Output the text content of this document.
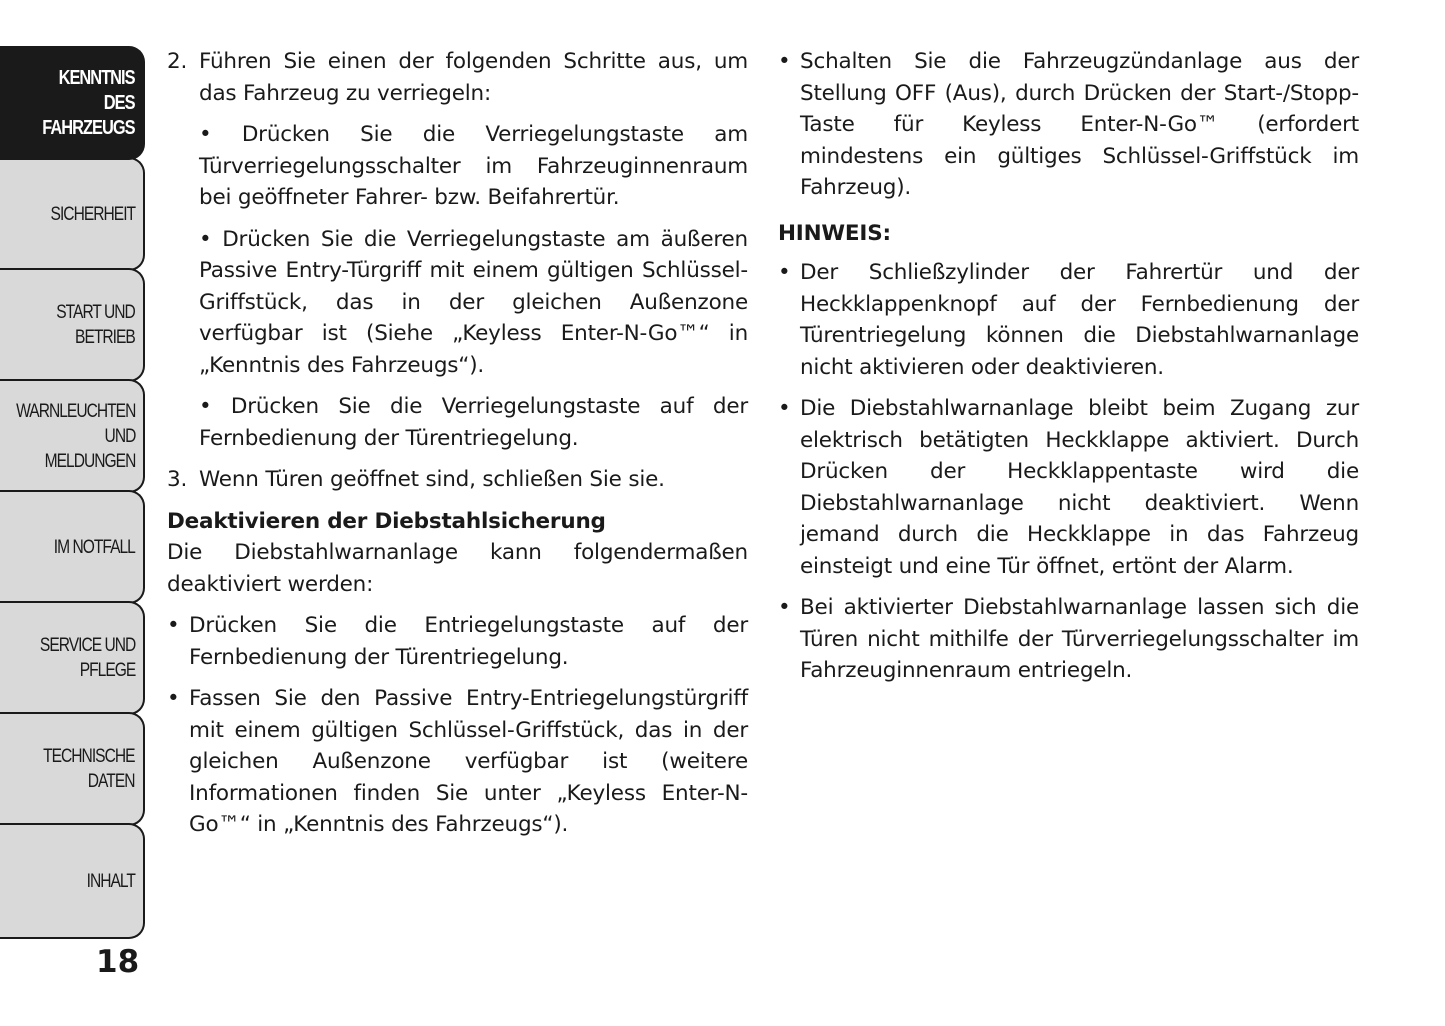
KENNTNIS
DES
FAHRZEUGS
SICHERHEIT
START UND
BETRIEB
WARNLEUCHTEN
UND MELDUNGEN
IM NOTFALL
SERVICE UND
PFLEGE
TECHNISCHE
DATEN
INHALT
18

2. Führen Sie einen der folgenden Schritte aus, um das Fahrzeug zu verriegeln:

• Drücken Sie die Verriegelungstaste am Türverriegelungsschalter im Fahrzeuginnenraum bei geöffneter Fahrer- bzw. Beifahrertür.

• Drücken Sie die Verriegelungstaste am äußeren Passive Entry-Türgriff mit einem gültigen Schlüssel-Griffstück, das in der gleichen Außenzone verfügbar ist (Siehe „Keyless Enter-N-Go™“ in „Kenntnis des Fahrzeugs“).

• Drücken Sie die Verriegelungstaste auf der Fernbedienung der Türentriegelung.

3. Wenn Türen geöffnet sind, schließen Sie sie.

Deaktivieren der Diebstahlsicherung

Die Diebstahlwarnanlage kann folgendermaßen deaktiviert werden:

• Drücken Sie die Entriegelungstaste auf der Fernbedienung der Türentriegelung.

• Fassen Sie den Passive Entry-Entriegelungstürgriff mit einem gültigen Schlüssel-Griffstück, das in der gleichen Außenzone verfügbar ist (weitere Informationen finden Sie unter „Keyless Enter-N-Go™“ in „Kenntnis des Fahrzeugs“).

• Schalten Sie die Fahrzeugzündanlage aus der Stellung OFF (Aus), durch Drücken der Start-/Stopp-Taste für Keyless Enter-N-Go™ (erfordert mindestens ein gültiges Schlüssel-Griffstück im Fahrzeug).

HINWEIS:

• Der Schließzylinder der Fahrertür und der Heckklappenknopf auf der Fernbedienung der Türentriegelung können die Diebstahlwarnanlage nicht aktivieren oder deaktivieren.

• Die Diebstahlwarnanlage bleibt beim Zugang zur elektrisch betätigten Heckklappe aktiviert. Durch Drücken der Heckklappentaste wird die Diebstahlwarnanlage nicht deaktiviert. Wenn jemand durch die Heckklappe in das Fahrzeug einsteigt und eine Tür öffnet, ertönt der Alarm.

• Bei aktivierter Diebstahlwarnanlage lassen sich die Türen nicht mithilfe der Türverriegelungsschalter im Fahrzeuginnenraum entriegeln.
